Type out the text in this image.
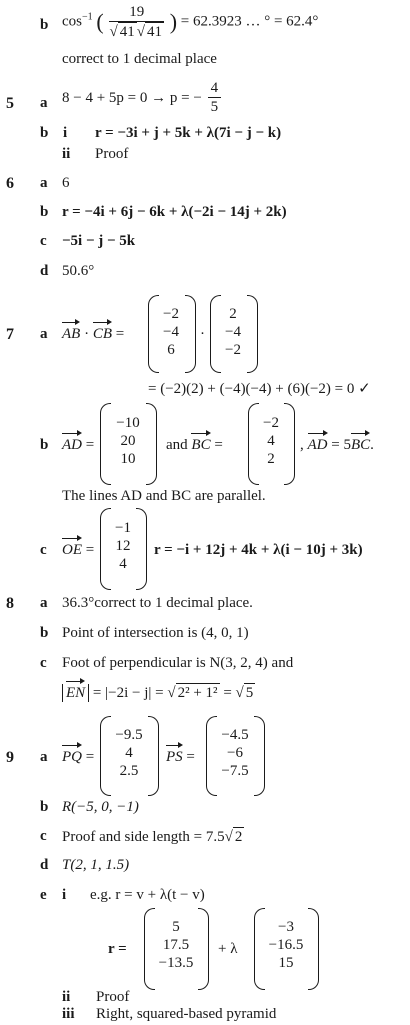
b $\cos^{-1}$ ( $\frac{19}{√ 41 √ 41}$ ) = 62.3923 … ° = 62.4°
correct to 1 decimal place
5 a 8 − 4 + 5p = 0 → p = − $\frac{4}{5}$
b i r = −3i + j + 5k + λ(7i − j − k)
ii Proof
6 a 6
b r = −4i + 6j − 6k + λ(−2i − 14j + 2k)
c −5i − j − 5k
d 50.6°
7 a AB · CB =
−2
−4
6
·
2
−4
−2
= (−2)(2) + (−4)(−4) + (6)(−2) = 0 ✓
b AD =
−10
20
10
and BC =
−2
4
2
, AD = 5BC.
The lines AD and BC are parallel.
c OE =
−1
12
4
r = −i + 12j + 4k + λ(i − 10j + 3k)
8 a 36.3°correct to 1 decimal place.
b Point of intersection is (4, 0, 1)
c Foot of perpendicular is N(3, 2, 4) and
EN = |−2i − j| = √ 2² + 1² = √ 5
9 a PQ =
−9.5
4
2.5
PS =
−4.5
−6
−7.5
b R(−5, 0, −1)
c Proof and side length = 7.5√ 2
d T(2, 1, 1.5)
e i e.g. r = v + λ(t − v)
r =
5
17.5
−13.5
+ λ
−3
−16.5
15
ii Proof
iii Right, squared-based pyramid
